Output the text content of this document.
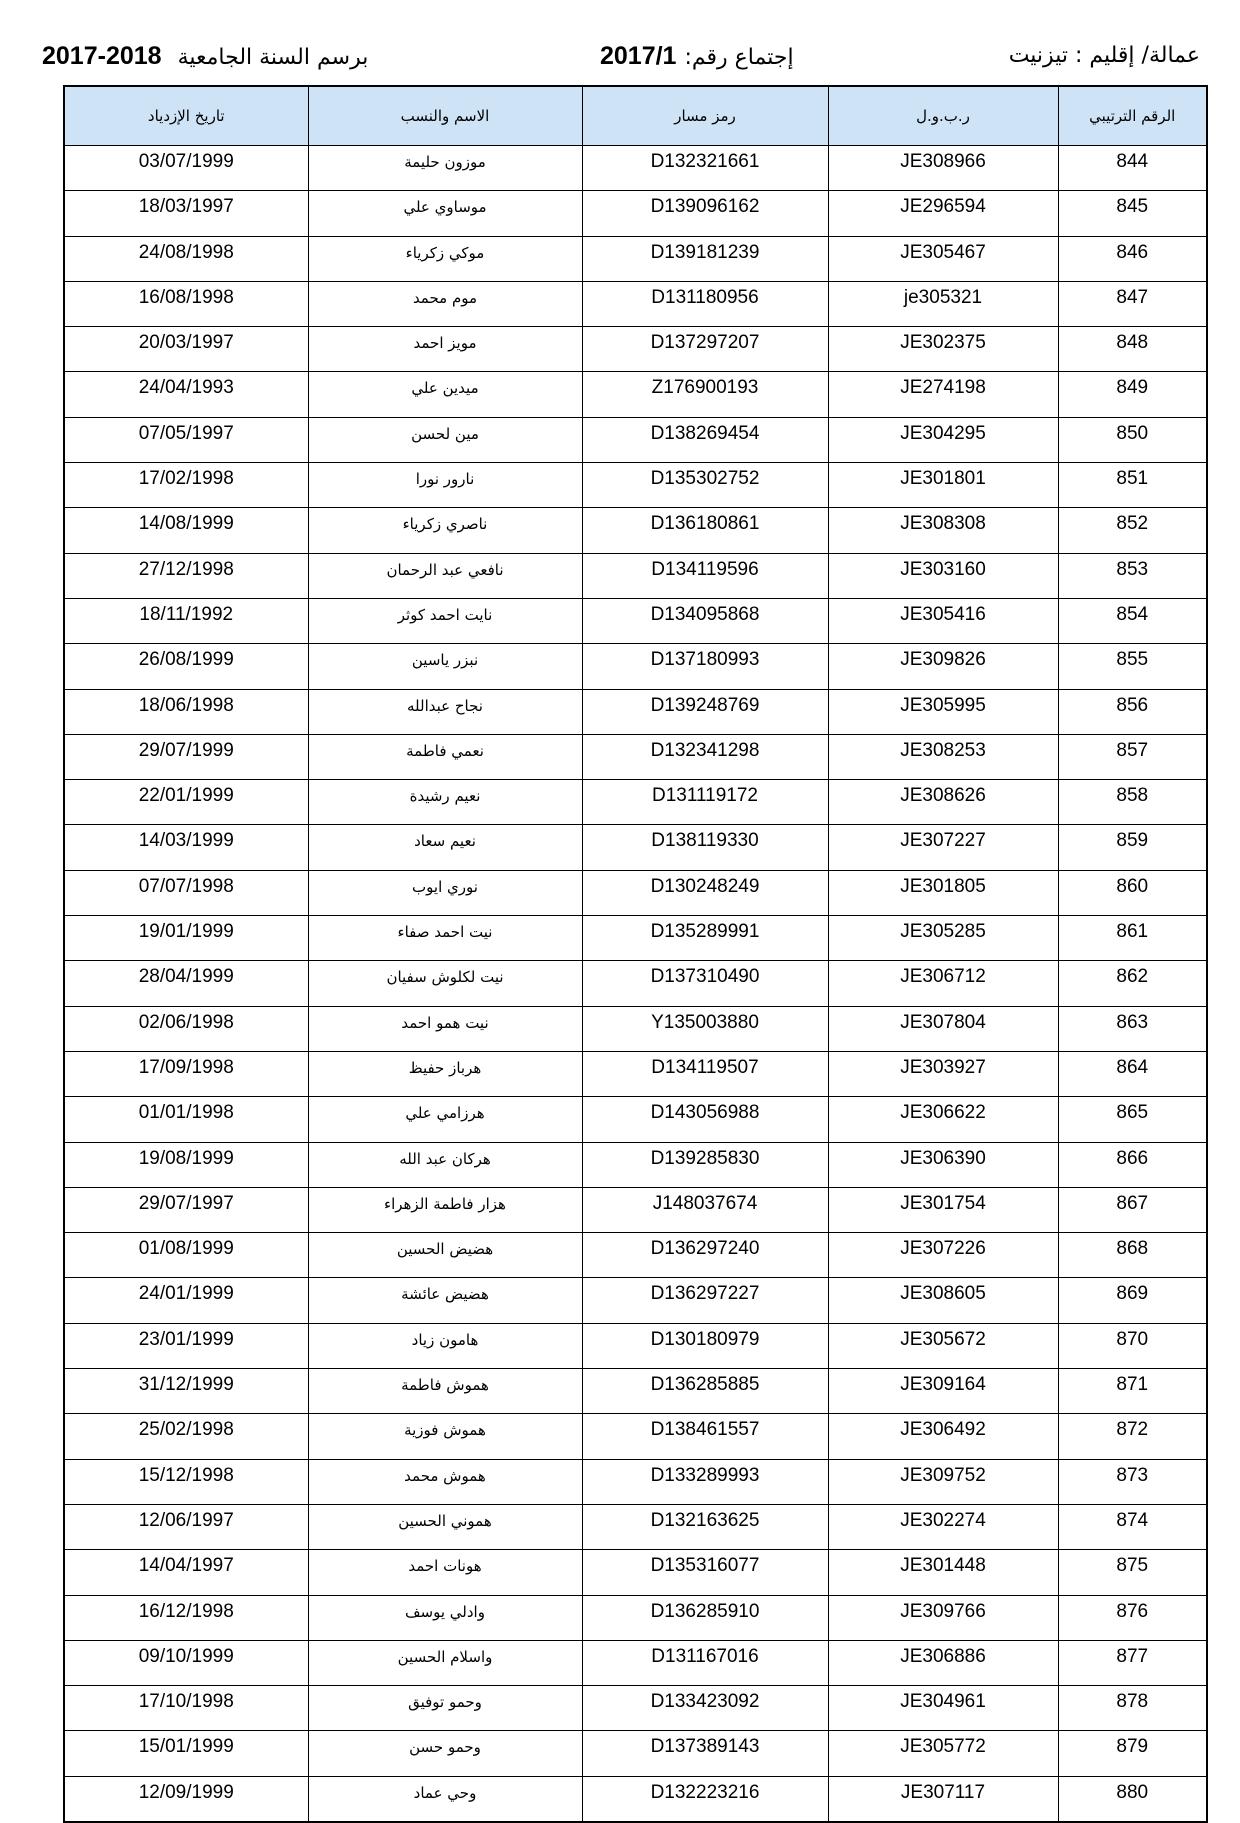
عمالة/ إقليم : تيزنيت
إجتماع رقم:2017/1
برسم السنة الجامعية2018-2017
تاريخ الإزدياد	الاسم والنسب	رمز مسار	ر.ب.و.ل	الرقم الترتيبي
03/07/1999	موزون حليمة	D132321661	JE308966	844
18/03/1997	موساوي علي	D139096162	JE296594	845
24/08/1998	موكي زكرياء	D139181239	JE305467	846
16/08/1998	موم محمد	D131180956	je305321	847
20/03/1997	مويز احمد	D137297207	JE302375	848
24/04/1993	ميدين علي	Z176900193	JE274198	849
07/05/1997	مين لحسن	D138269454	JE304295	850
17/02/1998	نارور نورا	D135302752	JE301801	851
14/08/1999	ناصري زكرياء	D136180861	JE308308	852
27/12/1998	نافعي عبد الرحمان	D134119596	JE303160	853
18/11/1992	نايت احمد كوثر	D134095868	JE305416	854
26/08/1999	نبزر ياسين	D137180993	JE309826	855
18/06/1998	نجاح عبدالله	D139248769	JE305995	856
29/07/1999	نعمي فاطمة	D132341298	JE308253	857
22/01/1999	نعيم رشيدة	D131119172	JE308626	858
14/03/1999	نعيم سعاد	D138119330	JE307227	859
07/07/1998	نوري ايوب	D130248249	JE301805	860
19/01/1999	نيت احمد صفاء	D135289991	JE305285	861
28/04/1999	نيت لكلوش سفيان	D137310490	JE306712	862
02/06/1998	نيت همو احمد	Y135003880	JE307804	863
17/09/1998	هرباز حفيظ	D134119507	JE303927	864
01/01/1998	هرزامي علي	D143056988	JE306622	865
19/08/1999	هركان عبد الله	D139285830	JE306390	866
29/07/1997	هزار فاطمة الزهراء	J148037674	JE301754	867
01/08/1999	هضيض الحسين	D136297240	JE307226	868
24/01/1999	هضيض عائشة	D136297227	JE308605	869
23/01/1999	هامون زياد	D130180979	JE305672	870
31/12/1999	هموش فاطمة	D136285885	JE309164	871
25/02/1998	هموش فوزية	D138461557	JE306492	872
15/12/1998	هموش محمد	D133289993	JE309752	873
12/06/1997	هموني الحسين	D132163625	JE302274	874
14/04/1997	هونات احمد	D135316077	JE301448	875
16/12/1998	وادلي يوسف	D136285910	JE309766	876
09/10/1999	واسلام الحسين	D131167016	JE306886	877
17/10/1998	وحمو توفيق	D133423092	JE304961	878
15/01/1999	وحمو حسن	D137389143	JE305772	879
12/09/1999	وحي عماد	D132223216	JE307117	880
